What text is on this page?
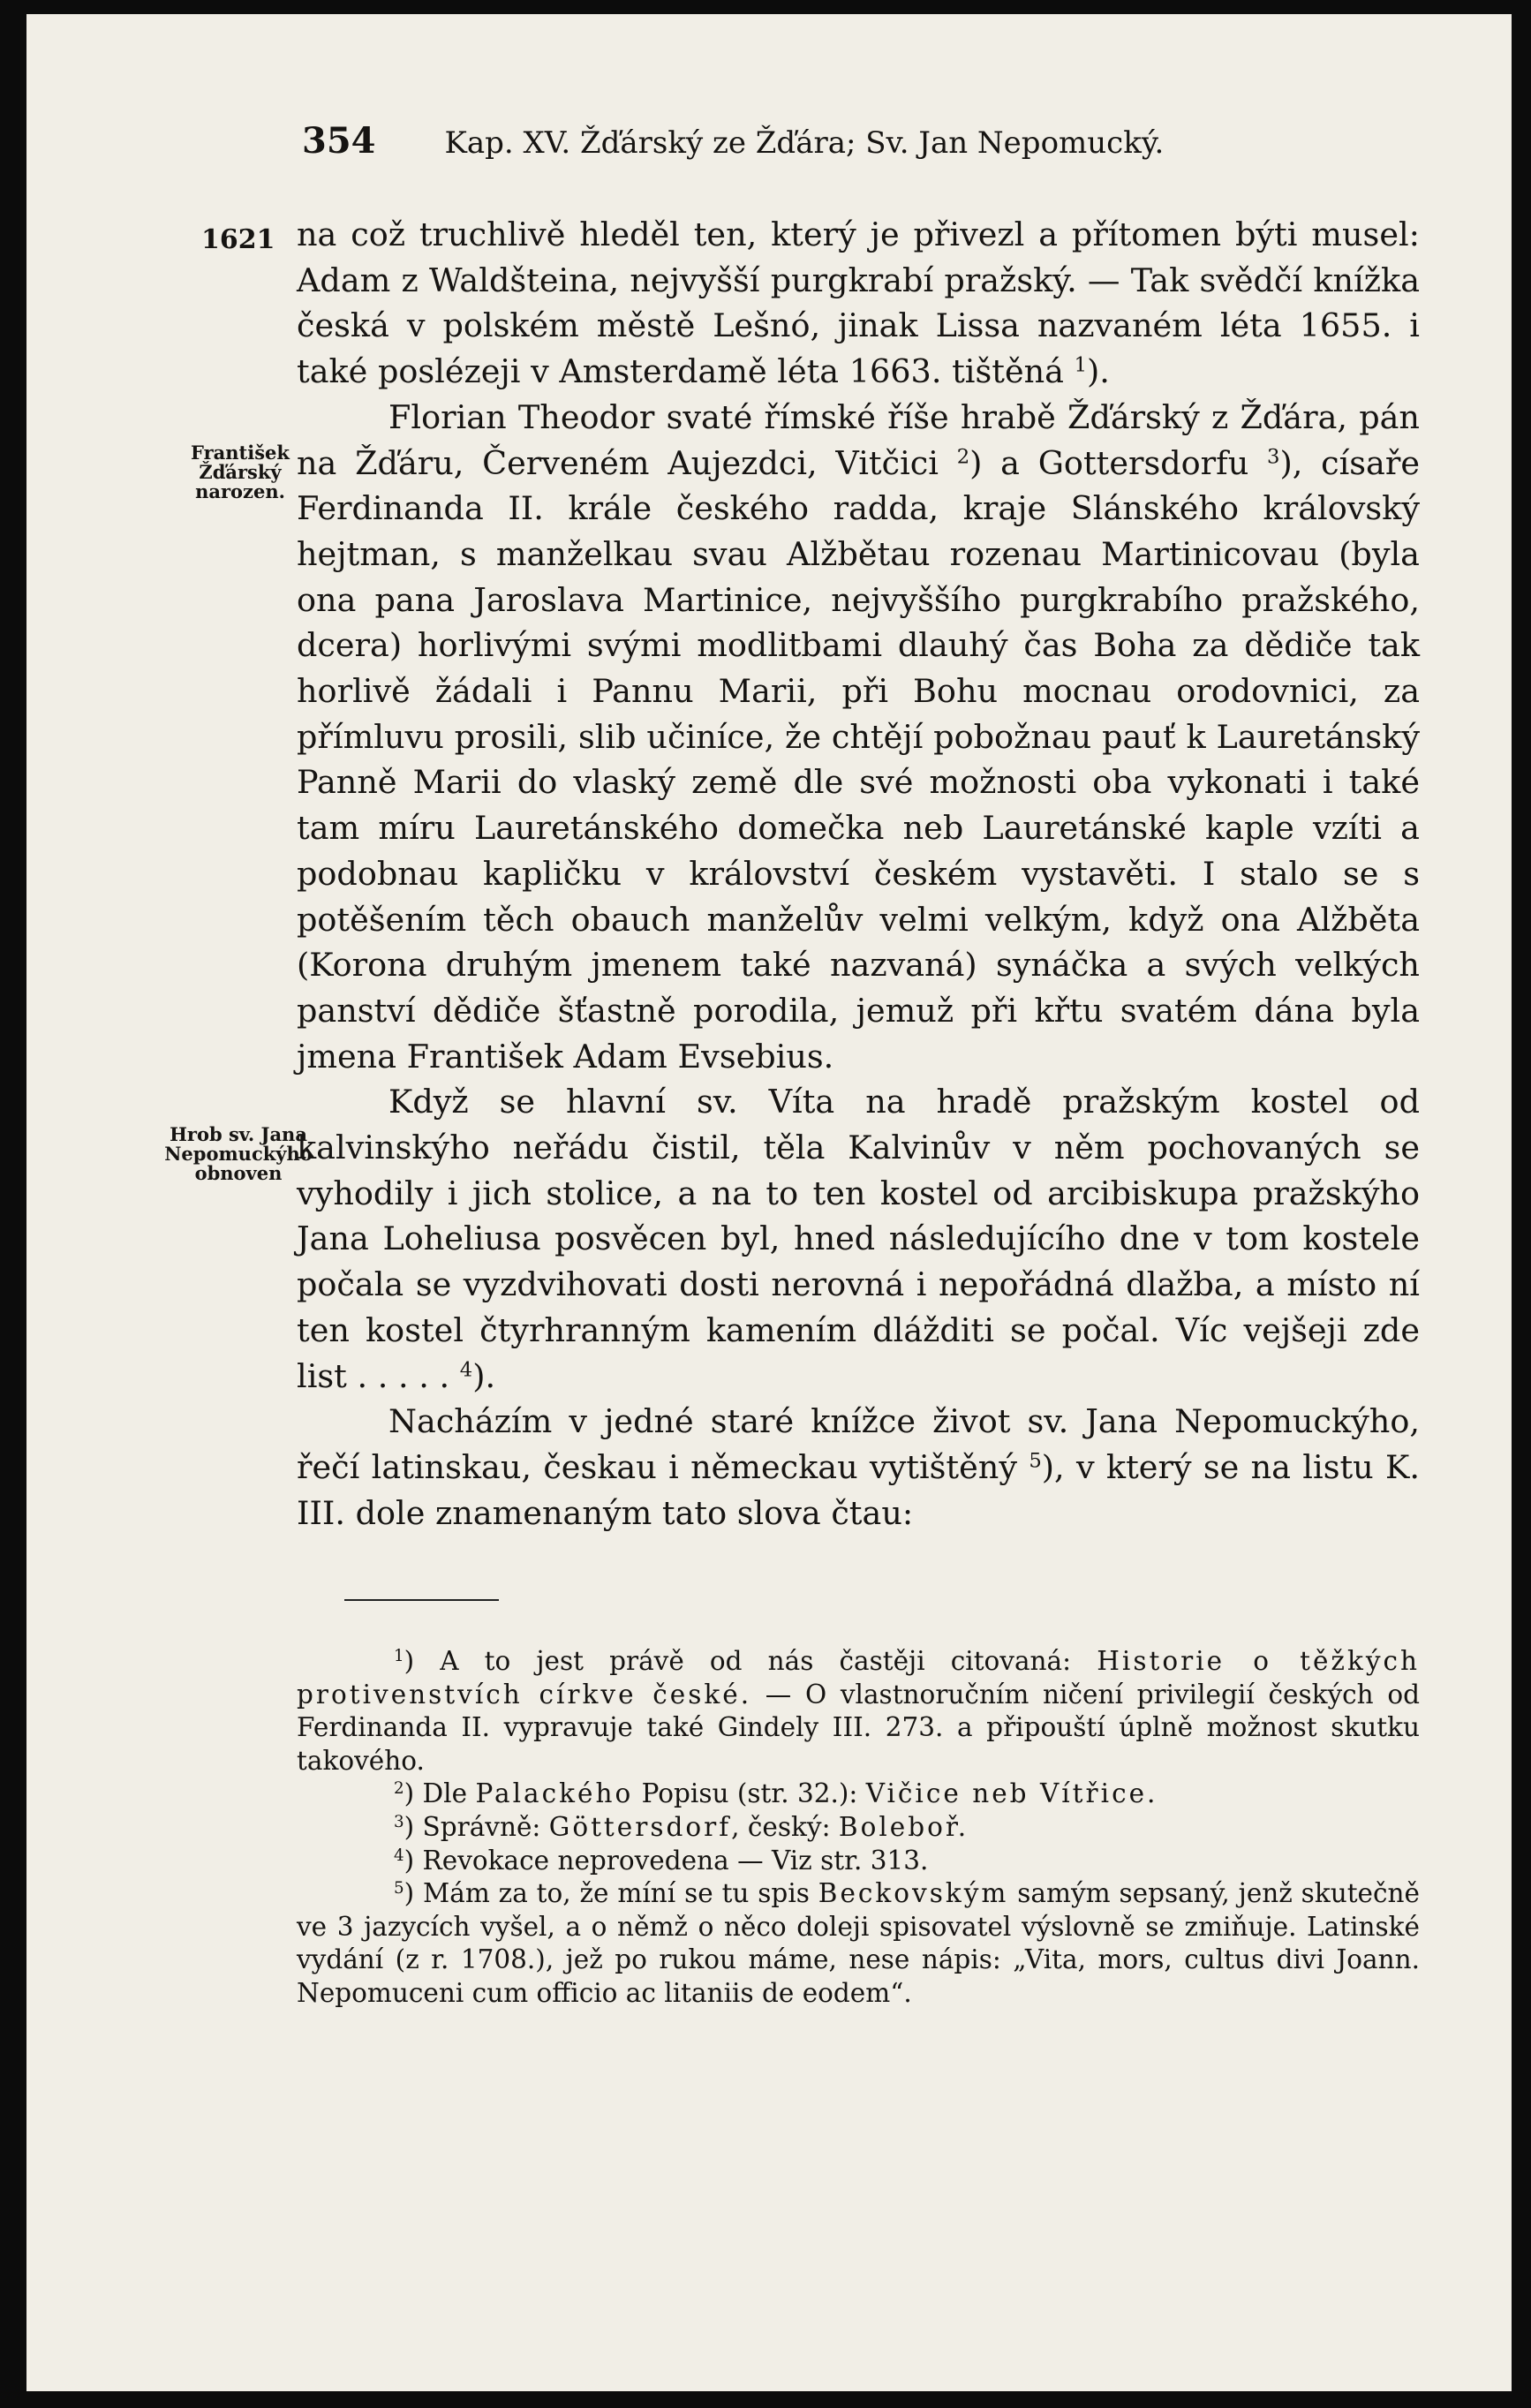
354 Kap. XV. Žďárský ze Žďára; Sv. Jan Nepomucký.
1621
František Žďárský narozen.
Hrob sv. Jana Nepomuckýho obnoven

na což truchlivě hleděl ten, který je přivezl a přítomen býti musel: Adam z Waldšteina, nejvyšší purgkrabí pražský. — Tak svědčí knížka česká v polském městě Lešnó, jinak Lissa nazvaném léta 1655. i také poslézeji v Amsterdamě léta 1663. tištěná $^1$).

Florian Theodor svaté římské říše hrabě Žďárský z Žďára, pán na Žďáru, Červeném Aujezdci, Vitčici $^2$) a Gottersdorfu $^3$), císaře Ferdinanda II. krále českého radda, kraje Slánského královský hejtman, s manželkau svau Alžbětau rozenau Martinicovau (byla ona pana Jaroslava Martinice, nejvyššího purgkrabího pražského, dcera) horlivými svými modlitbami dlauhý čas Boha za dědiče tak horlivě žádali i Pannu Marii, při Bohu mocnau orodovnici, za přímluvu prosili, slib učiníce, že chtějí pobožnau pauť k Lauretánský Panně Marii do vlaský země dle své možnosti oba vykonati i také tam míru Lauretánského domečka neb Lauretánské kaple vzíti a podobnau kapličku v království českém vystavěti. I stalo se s potěšením těch obauch manželův velmi velkým, když ona Alžběta (Korona druhým jmenem také nazvaná) synáčka a svých velkých panství dědiče šťastně porodila, jemuž při křtu svatém dána byla jmena František Adam Evsebius.

Když se hlavní sv. Víta na hradě pražským kostel od kalvinskýho neřádu čistil, těla Kalvinův v něm pochovaných se vyhodily i jich stolice, a na to ten kostel od arcibiskupa pražskýho Jana Loheliusa posvěcen byl, hned následujícího dne v tom kostele počala se vyzdvihovati dosti nerovná i nepořádná dlažba, a místo ní ten kostel čtyrhranným kamením dlážditi se počal. Víc vejšeji zde list . . . . . $^4$).

Nacházím v jedné staré knížce život sv. Jana Nepomuckýho, řečí latinskau, českau i německau vytištěný $^5$), v který se na listu K. III. dole znamenaným tato slova čtau:

$^1$) A to jest právě od nás častěji citovaná: Historie o těžkých protivenstvích církve české. — O vlastnoručním ničení privilegií českých od Ferdinanda II. vypravuje také Gindely III. 273. a připouští úplně možnost skutku takového.

$^2$) Dle Palackého Popisu (str. 32.): Vičice neb Vítřice.

$^3$) Správně: Göttersdorf, český: Boleboř.

$^4$) Revokace neprovedena — Viz str. 313.

$^5$) Mám za to, že míní se tu spis Beckovským samým sepsaný, jenž skutečně ve 3 jazycích vyšel, a o němž o něco doleji spisovatel výslovně se zmiňuje. Latinské vydání (z r. 1708.), jež po rukou máme, nese nápis: „Vita, mors, cultus divi Joann. Nepomuceni cum officio ac litaniis de eodem“.
